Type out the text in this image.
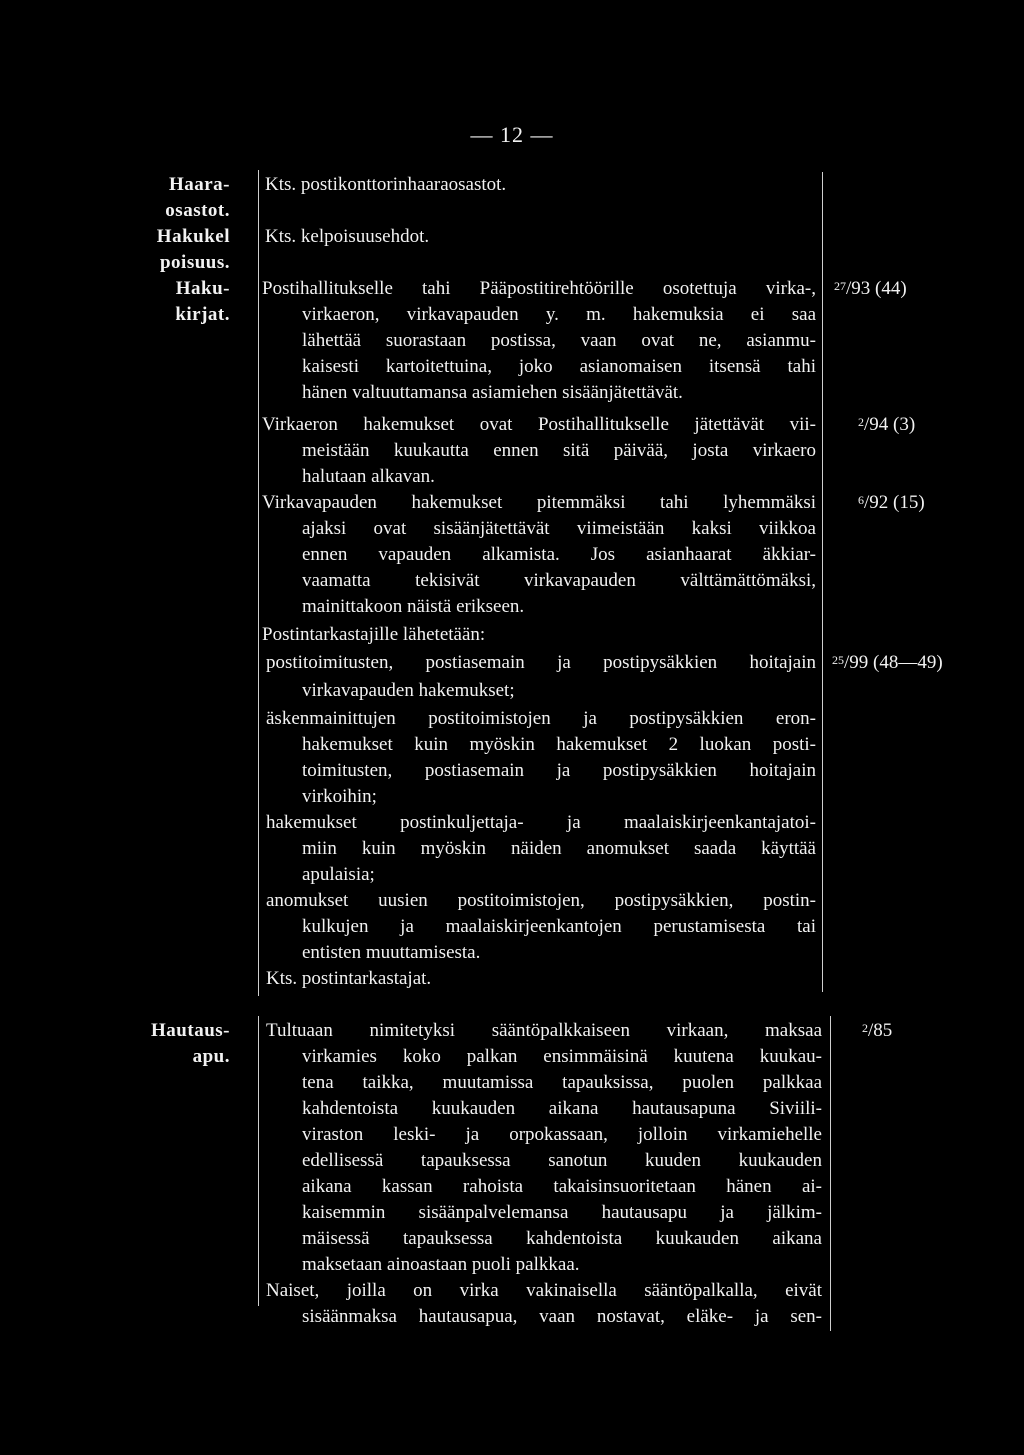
— 12 —
Haara-
osastot.
Hakukel
poisuus.
Haku-
kirjat.
Hautaus-
apu.
$^{27}$/93 (44)
$^2$/94 (3)
$^6$/92 (15)
$^{25}$/99 (48—49)
$^2$/85
Kts. postikonttorinhaaraosastot.
Kts. kelpoisuusehdot.
Postihallitukselle tahi Pääpostitirehtöörille osotettuja virka-,
virkaeron, virkavapauden y. m. hakemuksia ei saa
lähettää suorastaan postissa, vaan ovat ne, asianmu-
kaisesti kartoitettuina, joko asianomaisen itsensä tahi
hänen valtuuttamansa asiamiehen sisäänjätettävät.
Virkaeron hakemukset ovat Postihallitukselle jätettävät vii-
meistään kuukautta ennen sitä päivää, josta virkaero
halutaan alkavan.
Virkavapauden hakemukset pitemmäksi tahi lyhemmäksi
ajaksi ovat sisäänjätettävät viimeistään kaksi viikkoa
ennen vapauden alkamista. Jos asianhaarat äkkiar-
vaamatta tekisivät virkavapauden välttämättömäksi,
mainittakoon näistä erikseen.
Postintarkastajille lähetetään:
postitoimitusten, postiasemain ja postipysäkkien hoitajain
virkavapauden hakemukset;
äskenmainittujen postitoimistojen ja postipysäkkien eron-
hakemukset kuin myöskin hakemukset 2 luokan posti-
toimitusten, postiasemain ja postipysäkkien hoitajain
virkoihin;
hakemukset postinkuljettaja- ja maalaiskirjeenkantajatoi-
miin kuin myöskin näiden anomukset saada käyttää
apulaisia;
anomukset uusien postitoimistojen, postipysäkkien, postin-
kulkujen ja maalaiskirjeenkantojen perustamisesta tai
entisten muuttamisesta.
Kts. postintarkastajat.
Tultuaan nimitetyksi sääntöpalkkaiseen virkaan, maksaa
virkamies koko palkan ensimmäisinä kuutena kuukau-
tena taikka, muutamissa tapauksissa, puolen palkkaa
kahdentoista kuukauden aikana hautausapuna Siviili-
viraston leski- ja orpokassaan, jolloin virkamiehelle
edellisessä tapauksessa sanotun kuuden kuukauden
aikana kassan rahoista takaisinsuoritetaan hänen ai-
kaisemmin sisäänpalvelemansa hautausapu ja jälkim-
mäisessä tapauksessa kahdentoista kuukauden aikana
maksetaan ainoastaan puoli palkkaa.
Naiset, joilla on virka vakinaisella sääntöpalkalla, eivät
sisäänmaksa hautausapua, vaan nostavat, eläke- ja sen-
